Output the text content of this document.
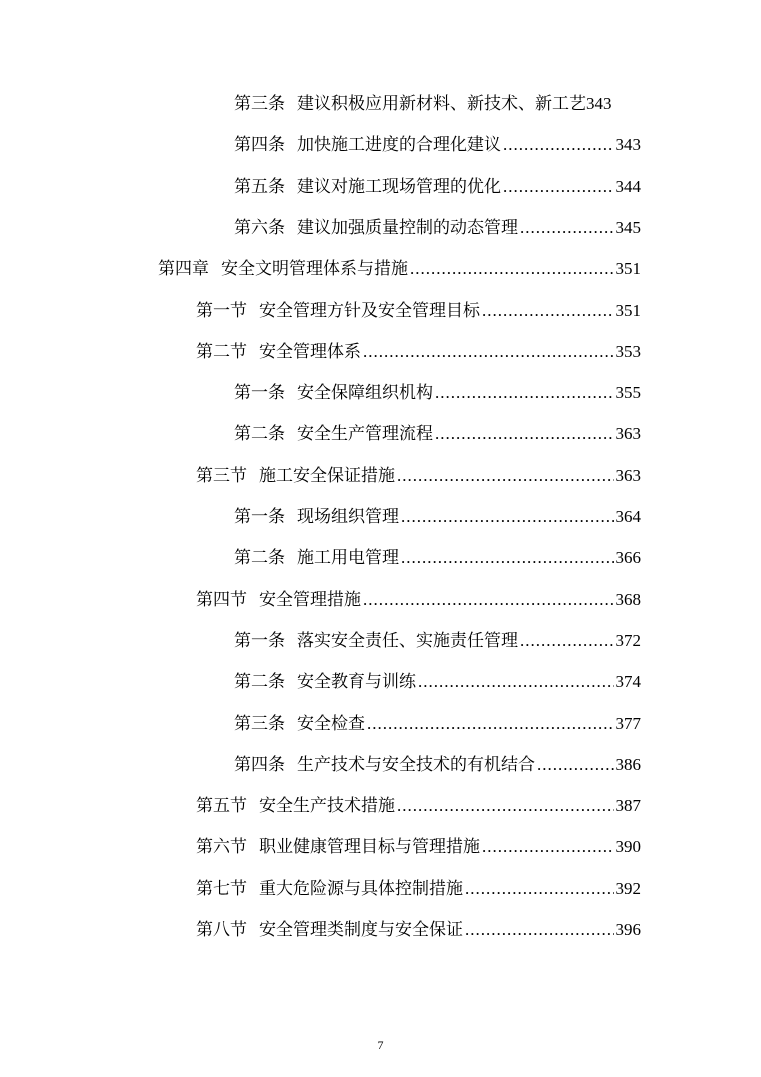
第三条 建议积极应用新材料、新技术、新工艺 343
第四条 加快施工进度的合理化建议 .....	343
第五条 建议对施工现场管理的优化 .....	344
第六条 建议加强质量控制的动态管理 .....	345
第四章 安全文明管理体系与措施 .....	351
第一节 安全管理方针及安全管理目标 .....	351
第二节 安全管理体系 .....	353
第一条 安全保障组织机构 .....	355
第二条 安全生产管理流程 .....	363
第三节 施工安全保证措施 .....	363
第一条 现场组织管理 .....	364
第二条 施工用电管理 .....	366
第四节 安全管理措施 .....	368
第一条 落实安全责任、实施责任管理 .....	372
第二条 安全教育与训练 .....	374
第三条 安全检查 .....	377
第四条 生产技术与安全技术的有机结合 .....	386
第五节 安全生产技术措施 .....	387
第六节 职业健康管理目标与管理措施 .....	390
第七节 重大危险源与具体控制措施 .....	392
第八节 安全管理类制度与安全保证 .....	396
7
